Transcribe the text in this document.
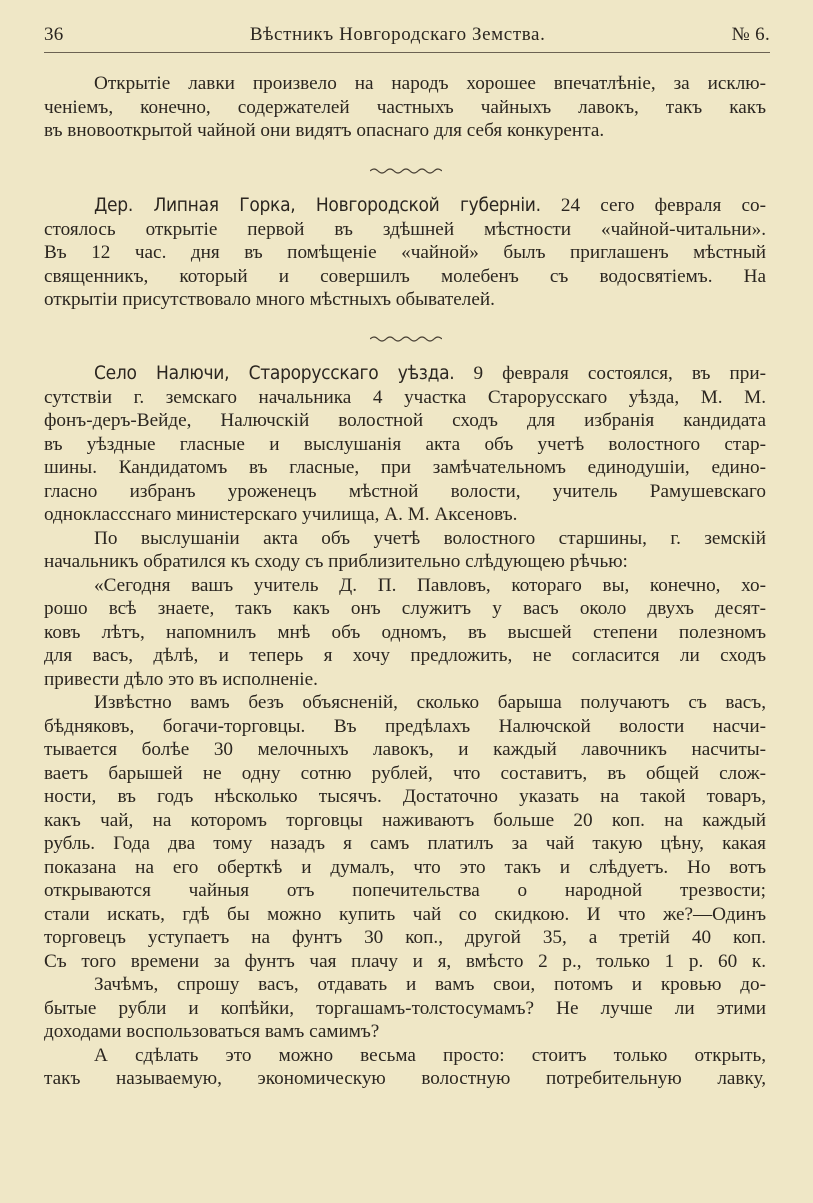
36	Вѣстникъ Новгородскаго Земства.	№ 6.
Открытіе лавки произвело на народъ хорошее впечатлѣніе, за исклю-
ченіемъ, конечно, содержателей частныхъ чайныхъ лавокъ, такъ какъ
въ вновооткрытой чайной они видятъ опаснаго для себя конкурента.
Дер. Липная Горка, Новгородской губерніи. 24 сего февраля со-
стоялось открытіе первой въ здѣшней мѣстности «чайной-читальни».
Въ 12 час. дня въ помѣщеніе «чайной» былъ приглашенъ мѣстный
священникъ, который и совершилъ молебенъ съ водосвятіемъ. На
открытіи присутствовало много мѣстныхъ обывателей.
Село Налючи, Старорусскаго уѣзда. 9 февраля состоялся, въ при-
сутствіи г. земскаго начальника 4 участка Старорусскаго уѣзда, М. М.
фонъ-деръ-Вейде, Налючскій волостной сходъ для избранія кандидата
въ уѣздные гласные и выслушанія акта объ учетѣ волостного стар-
шины. Кандидатомъ въ гласные, при замѣчательномъ единодушіи, едино-
гласно избранъ уроженецъ мѣстной волости, учитель Рамушевскаго
одноклассснаго министерскаго училища, А. М. Аксеновъ.
По выслушаніи акта объ учетѣ волостного старшины, г. земскій
начальникъ обратился къ сходу съ приблизительно слѣдующею рѣчью:
«Сегодня вашъ учитель Д. П. Павловъ, котораго вы, конечно, хо-
рошо всѣ знаете, такъ какъ онъ служитъ у васъ около двухъ десят-
ковъ лѣтъ, напомнилъ мнѣ объ одномъ, въ высшей степени полезномъ
для васъ, дѣлѣ, и теперь я хочу предложить, не согласится ли сходъ
привести дѣло это въ исполненіе.
Извѣстно вамъ безъ объясненій, сколько барыша получаютъ съ васъ,
бѣдняковъ, богачи-торговцы. Въ предѣлахъ Налючской волости насчи-
тывается болѣе 30 мелочныхъ лавокъ, и каждый лавочникъ насчиты-
ваетъ барышей не одну сотню рублей, что составитъ, въ общей слож-
ности, въ годъ нѣсколько тысячъ. Достаточно указать на такой товаръ,
какъ чай, на которомъ торговцы наживаютъ больше 20 коп. на каждый
рубль. Года два тому назадъ я самъ платилъ за чай такую цѣну, какая
показана на его оберткѣ и думалъ, что это такъ и слѣдуетъ. Но вотъ
открываются чайныя отъ попечительства о народной трезвости;
стали искать, гдѣ бы можно купить чай со скидкою. И что же?—Одинъ
торговецъ уступаетъ на фунтъ 30 коп., другой 35, а третій 40 коп.
Съ того времени за фунтъ чая плачу и я, вмѣсто 2 р., только 1 р. 60 к.
Зачѣмъ, спрошу васъ, отдавать и вамъ свои, потомъ и кровью до-
бытые рубли и копѣйки, торгашамъ-толстосумамъ? Не лучше ли этими
доходами воспользоваться вамъ самимъ?
А сдѣлать это можно весьма просто: стоитъ только открыть,
такъ называемую, экономическую волостную потребительную лавку,
